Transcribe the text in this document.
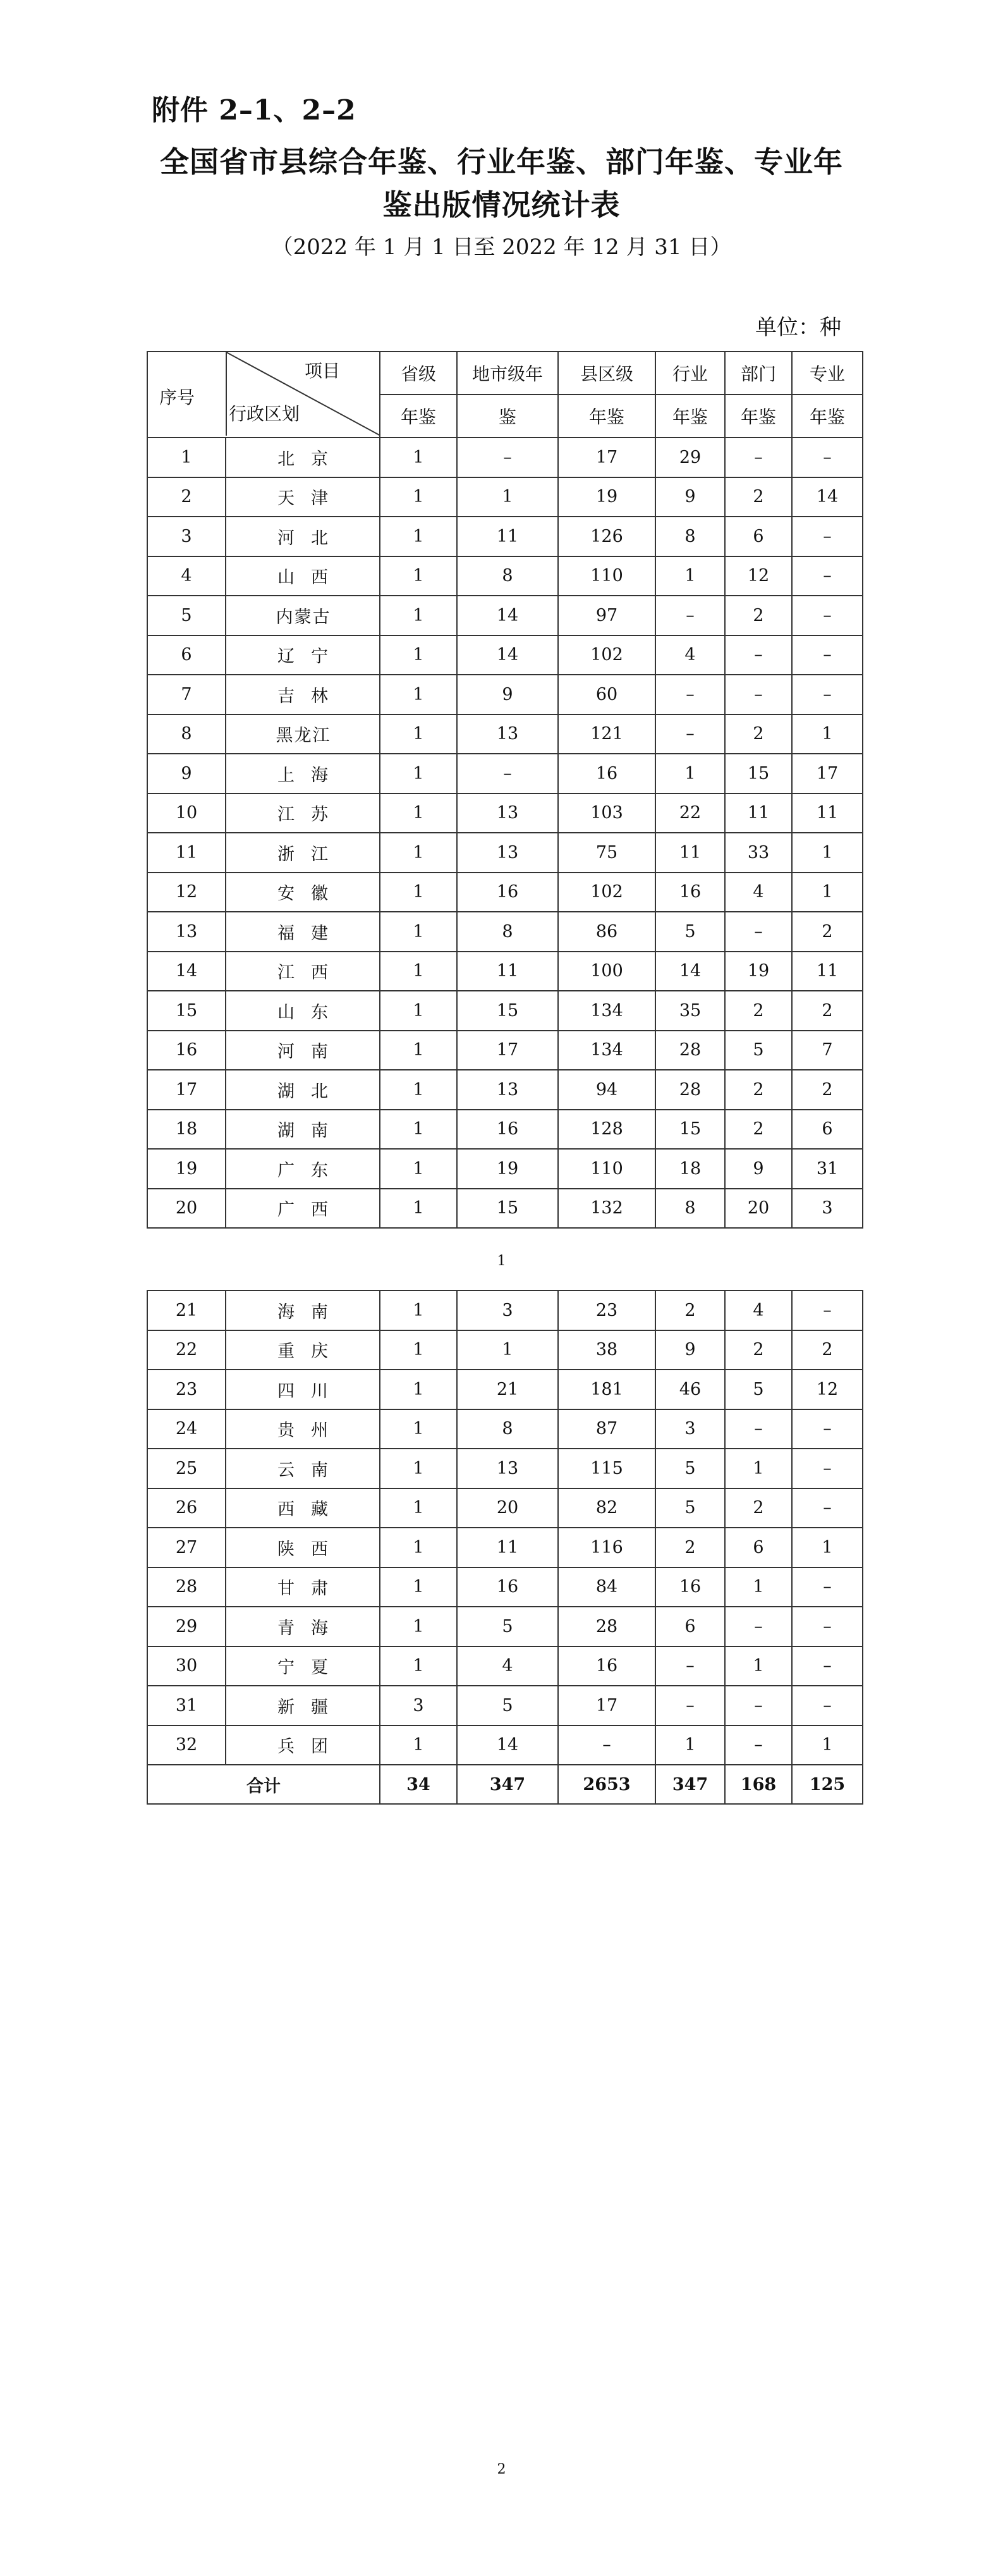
附件 2–1、2–2
全国省市县综合年鉴、行业年鉴、部门年鉴、专业年
鉴出版情况统计表
（2022 年 1 月 1 日至 2022 年 12 月 31 日）
单位：种
序号
项目
行政区划		省级	地市级年	县区级	行业	部门	专业
		年鉴	鉴	年鉴	年鉴	年鉴	年鉴
1	北京	1	–	17	29	–	–
2	天津	1	1	19	9	2	14
3	河北	1	11	126	8	6	–
4	山西	1	8	110	1	12	–
5	内蒙古	1	14	97	–	2	–
6	辽宁	1	14	102	4	–	–
7	吉林	1	9	60	–	–	–
8	黑龙江	1	13	121	–	2	1
9	上海	1	–	16	1	15	17
10	江苏	1	13	103	22	11	11
11	浙江	1	13	75	11	33	1
12	安徽	1	16	102	16	4	1
13	福建	1	8	86	5	–	2
14	江西	1	11	100	14	19	11
15	山东	1	15	134	35	2	2
16	河南	1	17	134	28	5	7
17	湖北	1	13	94	28	2	2
18	湖南	1	16	128	15	2	6
19	广东	1	19	110	18	9	31
20	广西	1	15	132	8	20	3
1
21	海南	1	3	23	2	4	–
22	重庆	1	1	38	9	2	2
23	四川	1	21	181	46	5	12
24	贵州	1	8	87	3	–	–
25	云南	1	13	115	5	1	–
26	西藏	1	20	82	5	2	–
27	陕西	1	11	116	2	6	1
28	甘肃	1	16	84	16	1	–
29	青海	1	5	28	6	–	–
30	宁夏	1	4	16	–	1	–
31	新疆	3	5	17	–	–	–
32	兵团	1	14	–	1	–	1
合计		34	347	2653	347	168	125
2
